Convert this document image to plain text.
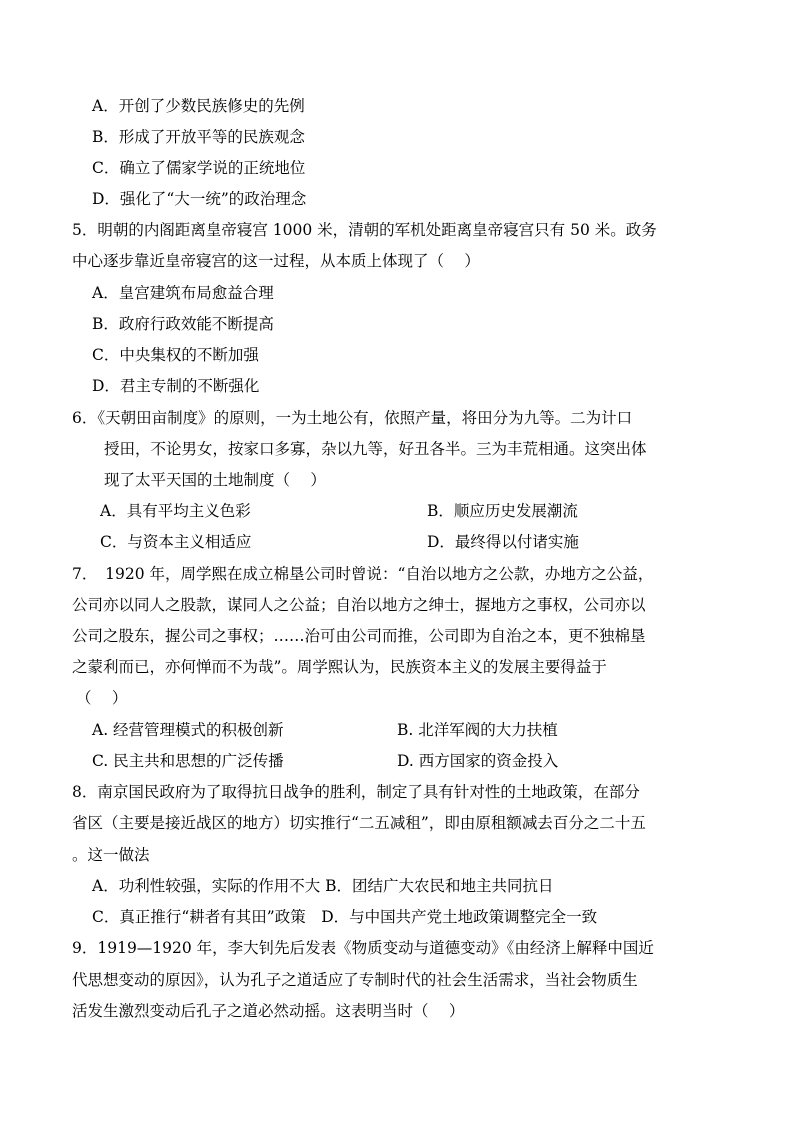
A．开创了少数民族修史的先例
B．形成了开放平等的民族观念
C．确立了儒家学说的正统地位
D．强化了“大一统”的政治理念
5．明朝的内阁距离皇帝寝宫 1000 米，清朝的军机处距离皇帝寝宫只有 50 米。政务
中心逐步靠近皇帝寝宫的这一过程，从本质上体现了（　 ）
A．皇宫建筑布局愈益合理
B．政府行政效能不断提高
C．中央集权的不断加强
D．君主专制的不断强化
6．《天朝田亩制度》的原则，一为土地公有，依照产量，将田分为九等。二为计口
授田，不论男女，按家口多寡，杂以九等，好丑各半。三为丰荒相通。这突出体
现了太平天国的土地制度（　 ）
A．具有平均主义色彩	B．顺应历史发展潮流
C．与资本主义相适应	D．最终得以付诸实施
7．　1920 年，周学熙在成立棉垦公司时曾说：“自治以地方之公款，办地方之公益，
公司亦以同人之股款，谋同人之公益；自治以地方之绅士，握地方之事权，公司亦以
公司之股东，握公司之事权；……治可由公司而推，公司即为自治之本，更不独棉垦
之蒙利而已，亦何惮而不为哉”。周学熙认为，民族资本主义的发展主要得益于
（　 ）
A. 经营管理模式的积极创新	B. 北洋军阀的大力扶植
C. 民主共和思想的广泛传播	D. 西方国家的资金投入
8．南京国民政府为了取得抗日战争的胜利，制定了具有针对性的土地政策，在部分
省区（主要是接近战区的地方）切实推行“二五减租”，即由原租额减去百分之二十五
。这一做法
A．功利性较强，实际的作用不大 B．团结广大农民和地主共同抗日
C．真正推行“耕者有其田”政策　D．与中国共产党土地政策调整完全一致
9．1919—1920 年，李大钊先后发表《物质变动与道德变动》《由经济上解释中国近
代思想变动的原因》，认为孔子之道适应了专制时代的社会生活需求，当社会物质生
活发生激烈变动后孔子之道必然动摇。这表明当时（　 ）
